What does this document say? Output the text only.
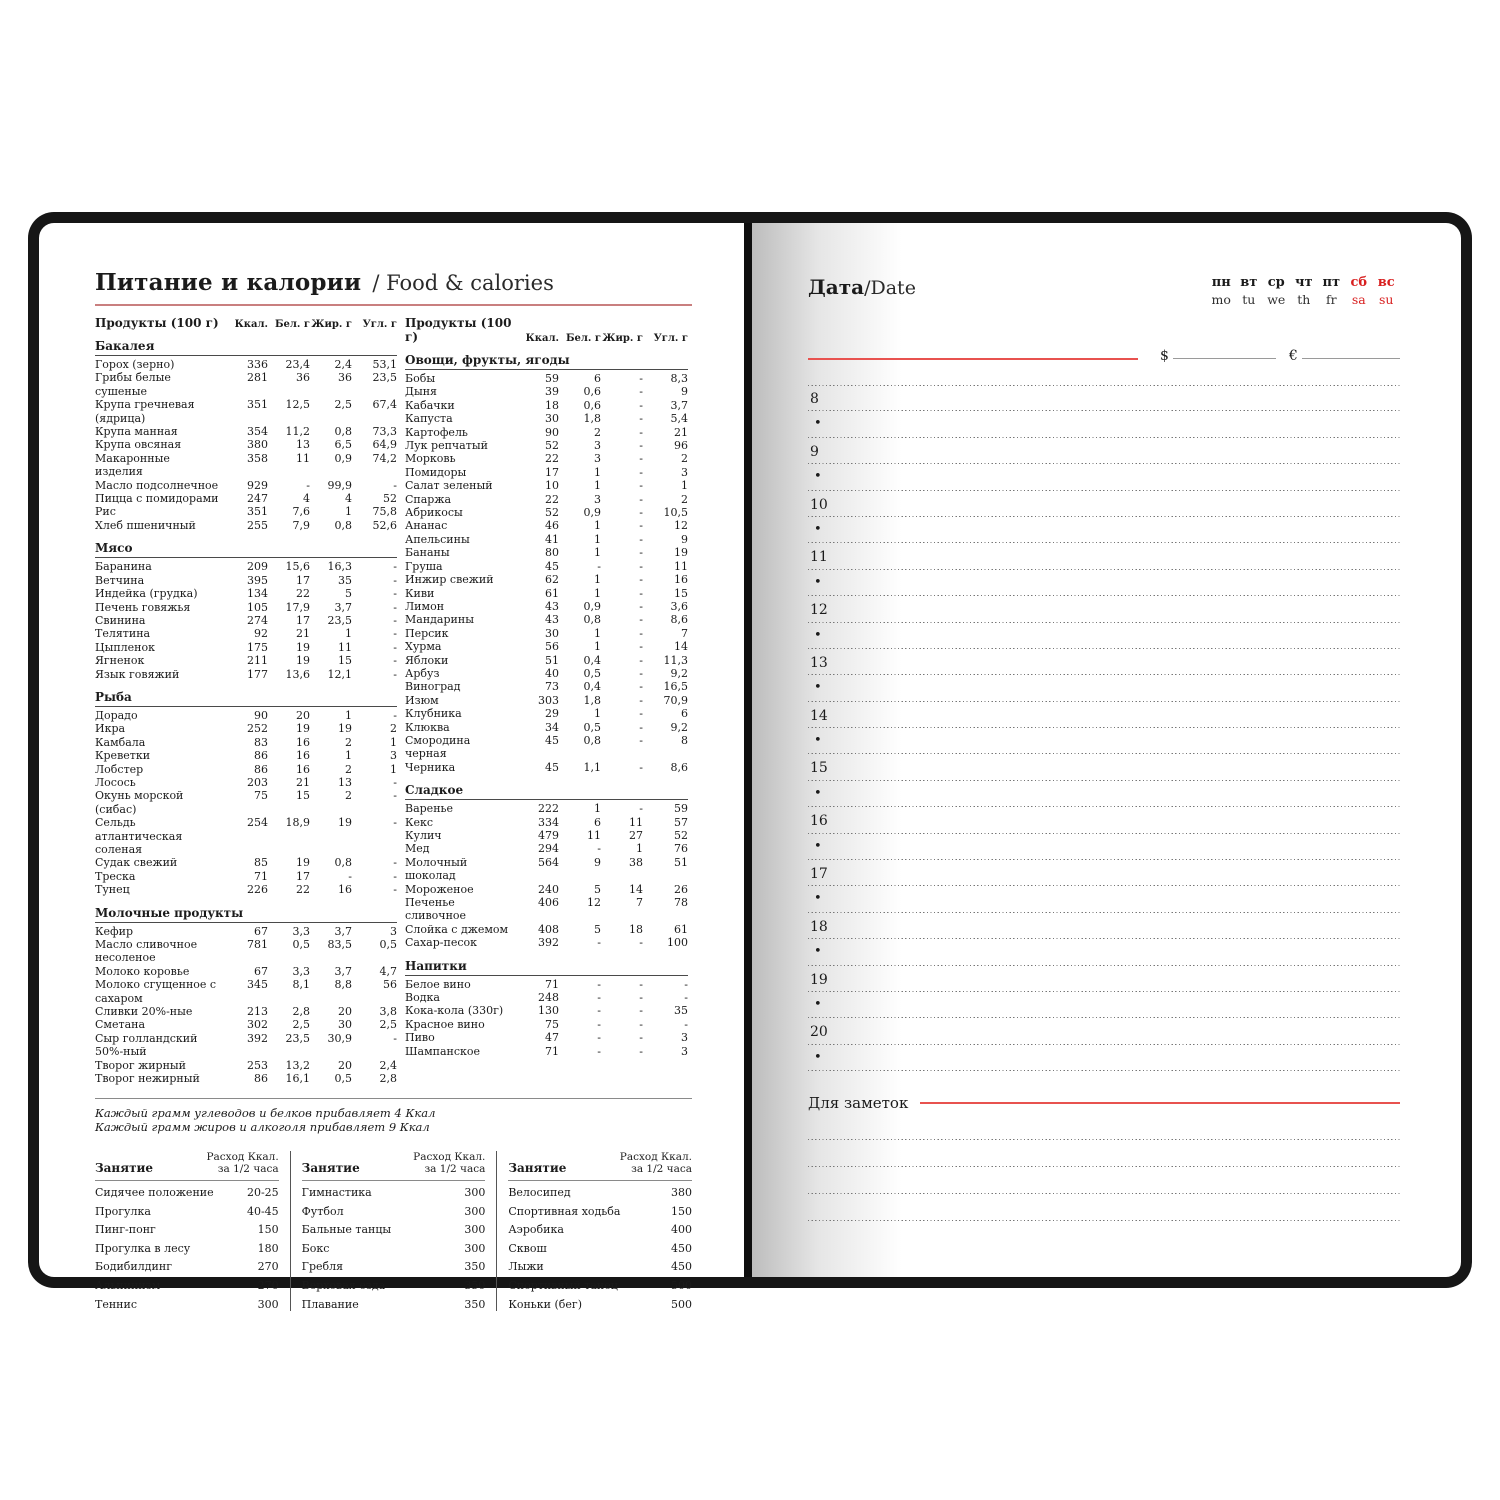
Питание и калории / Food & calories
Продукты (100 г)	Ккал. Бел. г Жир. г	Угл. г
Бакалея
Горох (зерно)	336	23,4	2,4	53,1
Грибы белые сушеные
281	36	36	23,5
Крупа гречневая (ядрица)
351	12,5	2,5	67,4
Крупа манная	354	11,2	0,8	73,3
Крупа овсяная	380	13	6,5	64,9
Макаронные изделия
358	11	0,9	74,2
Масло подсолнечное	929	-	99,9	-
Пицца с помидорами	247	4	4	52
Рис	351	7,6	1	75,8
Хлеб пшеничный	255	7,9	0,8	52,6
Мясо
Баранина	209	15,6	16,3	-
Ветчина	395	17	35	-
Индейка (грудка)	134	22	5	-
Печень говяжья	105	17,9	3,7	-
Свинина	274	17	23,5	-
Телятина	92	21	1	-
Цыпленок	175	19	11	-
Ягненок	211	19	15	-
Язык говяжий	177	13,6	12,1	-
Рыба
Дорадо	90	20	1	-
Икра	252	19	19	2
Камбала	83	16	2	1
Креветки	86	16	1	3
Лобстер	86	16	2	1
Лосось	203	21	13	-
Окунь морской (сибас)
75	15	2	-
Сельдь атлантическая соленая
254	18,9	19	-
Судак свежий	85	19	0,8	-
Треска	71	17	-	-
Тунец	226	22	16	-
Молочные продукты
Кефир	67	3,3	3,7	3
Масло сливочное несоленое
781	0,5	83,5	0,5
Молоко коровье	67	3,3	3,7	4,7
Молоко сгущенное с сахаром
345	8,1	8,8	56
Сливки 20%-ные	213	2,8	20	3,8
Сметана	302	2,5	30	2,5
Сыр голландский 50%-ный
392	23,5	30,9	-
Творог жирный	253	13,2	20	2,4
Творог нежирный	86	16,1	0,5	2,8
Продукты (100 г)	Ккал. Бел. г Жир. г	Угл. г
Овощи, фрукты, ягоды
Бобы	59	6	-	8,3
Дыня	39	0,6	-	9
Кабачки	18	0,6	-	3,7
Капуста	30	1,8	-	5,4
Картофель	90	2	-	21
Лук репчатый	52	3	-	96
Морковь	22	3	-	2
Помидоры	17	1	-	3
Салат зеленый	10	1	-	1
Спаржа	22	3	-	2
Абрикосы	52	0,9	-	10,5
Ананас	46	1	-	12
Апельсины	41	1	-	9
Бананы	80	1	-	19
Груша	45	-	-	11
Инжир свежий	62	1	-	16
Киви	61	1	-	15
Лимон	43	0,9	-	3,6
Мандарины	43	0,8	-	8,6
Персик	30	1	-	7
Хурма	56	1	-	14
Яблоки	51	0,4	-	11,3
Арбуз	40	0,5	-	9,2
Виноград	73	0,4	-	16,5
Изюм	303	1,8	-	70,9
Клубника	29	1	-	6
Клюква	34	0,5	-	9,2
Смородина черная
45	0,8	-	8
Черника	45	1,1	-	8,6
Сладкое
Варенье	222	1	-	59
Кекс	334	6	11	57
Кулич	479	11	27	52
Мед	294	-	1	76
Молочный шоколад
564	9	38	51
Мороженое	240	5	14	26
Печенье сливочное
406	12	7	78
Слойка с джемом	408	5	18	61
Сахар-песок	392	-	-	100
Напитки
Белое вино	71	-	-	-
Водка	248	-	-	-
Кока-кола (330г)	130	-	-	35
Красное вино	75	-	-	-
Пиво	47	-	-	3
Шампанское	71	-	-	3
Каждый грамм углеводов и белков прибавляет 4 Ккал
Каждый грамм жиров и алкоголя прибавляет 9 Ккал
Занятие
Расход Ккал.
за 1/2 часа
Сидячее положение	20-25
Прогулка	40-45
Пинг-понг	150
Прогулка в лесу	180
Бодибилдинг	270
Альпинизм	270
Теннис	300
Занятие
Расход Ккал.
за 1/2 часа
Гимнастика	300
Футбол	300
Бальные танцы	300
Бокс	300
Гребля	350
Верховая езда	350
Плавание	350
Занятие
Расход Ккал.
за 1/2 часа
Велосипед	380
Спортивная ходьба	150
Аэробика	400
Сквош	450
Лыжи	450
Спортивный танец	500
Коньки (бег)	500
Дата/Date	пн вт ср чт пт сб вс
mo tu we th	fr	sa	su
$	€
8
•
9
•
10
•
11
•
12
•
13
•
14
•
15
•
16
•
17
•
18
•
19
•
20
•
Для заметок
